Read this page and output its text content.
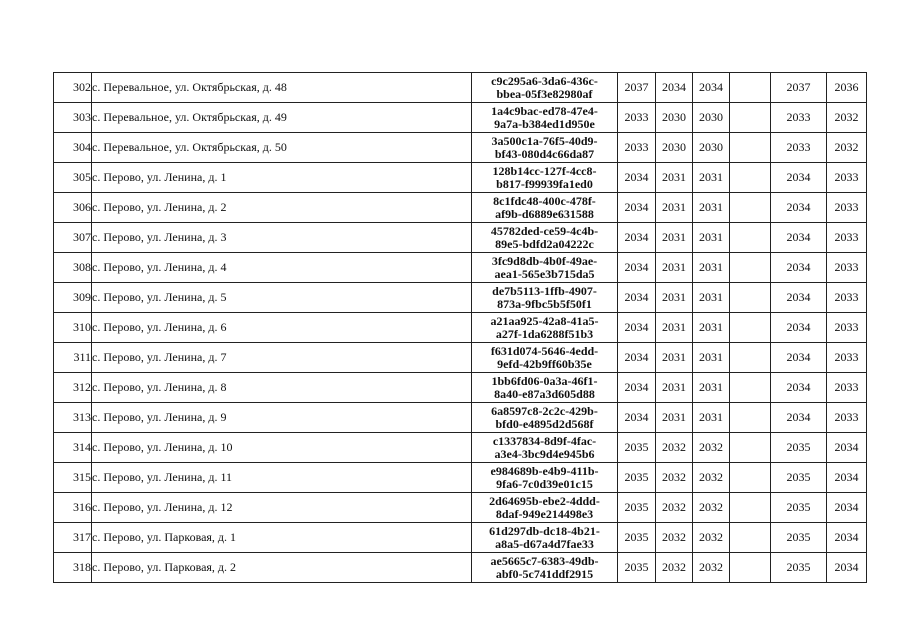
302	с. Перевальное, ул. Октябрьская, д. 48	c9c295a6-3da6-436c-
bbea-05f3e82980af	2037	2034	2034		2037	2036
303	с. Перевальное, ул. Октябрьская, д. 49	1a4c9bac-ed78-47e4-
9a7a-b384ed1d950e	2033	2030	2030		2033	2032
304	с. Перевальное, ул. Октябрьская, д. 50	3a500c1a-76f5-40d9-
bf43-080d4c66da87	2033	2030	2030		2033	2032
305	с. Перово, ул. Ленина, д. 1	128b14cc-127f-4cc8-
b817-f99939fa1ed0	2034	2031	2031		2034	2033
306	с. Перово, ул. Ленина, д. 2	8c1fdc48-400c-478f-
af9b-d6889e631588	2034	2031	2031		2034	2033
307	с. Перово, ул. Ленина, д. 3	45782ded-ce59-4c4b-
89e5-bdfd2a04222c	2034	2031	2031		2034	2033
308	с. Перово, ул. Ленина, д. 4	3fc9d8db-4b0f-49ae-
aea1-565e3b715da5	2034	2031	2031		2034	2033
309	с. Перово, ул. Ленина, д. 5	de7b5113-1ffb-4907-
873a-9fbc5b5f50f1	2034	2031	2031		2034	2033
310	с. Перово, ул. Ленина, д. 6	a21aa925-42a8-41a5-
a27f-1da6288f51b3	2034	2031	2031		2034	2033
311	с. Перово, ул. Ленина, д. 7	f631d074-5646-4edd-
9efd-42b9ff60b35e	2034	2031	2031		2034	2033
312	с. Перово, ул. Ленина, д. 8	1bb6fd06-0a3a-46f1-
8a40-e87a3d605d88	2034	2031	2031		2034	2033
313	с. Перово, ул. Ленина, д. 9	6a8597c8-2c2c-429b-
bfd0-e4895d2d568f	2034	2031	2031		2034	2033
314	с. Перово, ул. Ленина, д. 10	c1337834-8d9f-4fac-
a3e4-3bc9d4e945b6	2035	2032	2032		2035	2034
315	с. Перово, ул. Ленина, д. 11	e984689b-e4b9-411b-
9fa6-7c0d39e01c15	2035	2032	2032		2035	2034
316	с. Перово, ул. Ленина, д. 12	2d64695b-ebe2-4ddd-
8daf-949e214498e3	2035	2032	2032		2035	2034
317	с. Перово, ул. Парковая, д. 1	61d297db-dc18-4b21-
a8a5-d67a4d7fae33	2035	2032	2032		2035	2034
318	с. Перово, ул. Парковая, д. 2	ae5665c7-6383-49db-
abf0-5c741ddf2915	2035	2032	2032		2035	2034
